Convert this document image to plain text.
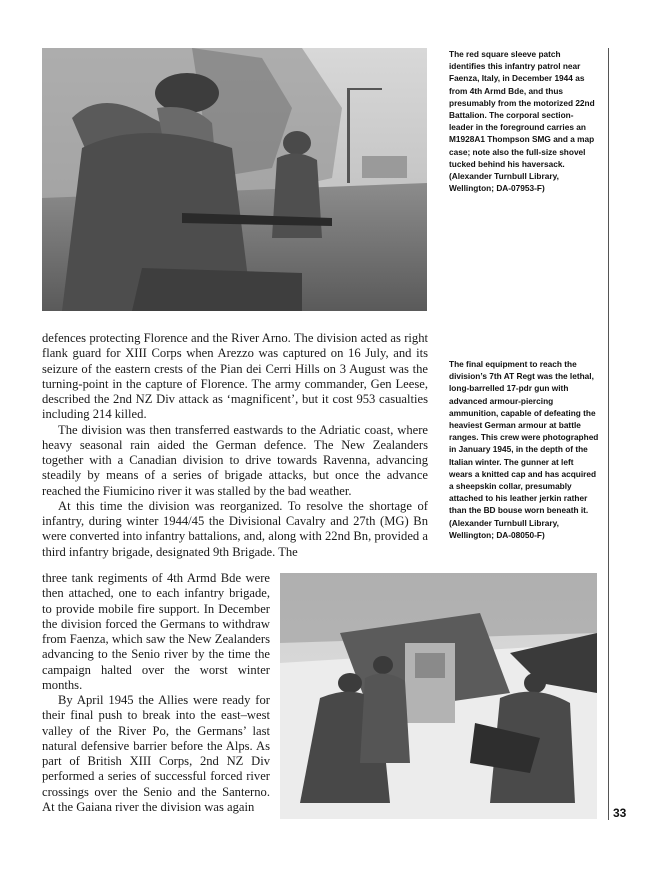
The red square sleeve patch identifies this infantry patrol near Faenza, Italy, in December 1944 as from 4th Armd Bde, and thus presumably from the motorized 22nd Battalion. The corporal section-leader in the foreground carries an M1928A1 Thompson SMG and a map case; note also the full-size shovel tucked behind his haversack. (Alexander Turnbull Library, Wellington; DA-07953-F)

defences protecting Florence and the River Arno. The division acted as right flank guard for XIII Corps when Arezzo was captured on 16 July, and its seizure of the eastern crests of the Pian dei Cerri Hills on 3 August was the turning-point in the capture of Florence. The army commander, Gen Leese, described the 2nd NZ Div attack as ‘magnificent’, but it cost 953 casualties including 214 killed.

The division was then transferred eastwards to the Adriatic coast, where heavy seasonal rain aided the German defence. The New Zealanders together with a Canadian division to drive towards Ravenna, advancing steadily by means of a series of brigade attacks, but once the advance reached the Fiumicino river it was stalled by the bad weather.

At this time the division was reorganized. To resolve the shortage of infantry, during winter 1944/45 the Divisional Cavalry and 27th (MG) Bn were converted into infantry battalions, and, along with 22nd Bn, provided a third infantry brigade, designated 9th Brigade. The

The final equipment to reach the division’s 7th AT Regt was the lethal, long-barrelled 17-pdr gun with advanced armour-piercing ammunition, capable of defeating the heaviest German armour at battle ranges. This crew were photographed in January 1945, in the depth of the Italian winter. The gunner at left wears a knitted cap and has acquired a sheepskin collar, presumably attached to his leather jerkin rather than the BD bouse worn beneath it. (Alexander Turnbull Library, Wellington; DA-08050-F)

three tank regiments of 4th Armd Bde were then attached, one to each infantry brigade, to provide mobile fire support. In December the division forced the Germans to withdraw from Faenza, which saw the New Zealanders advancing to the Senio river by the time the campaign halted over the worst winter months.

By April 1945 the Allies were ready for their final push to break into the east–west valley of the River Po, the Germans’ last natural defensive barrier before the Alps. As part of British XIII Corps, 2nd NZ Div performed a series of successful forced river crossings over the Senio and the Santerno. At the Gaiana river the division was again	33
